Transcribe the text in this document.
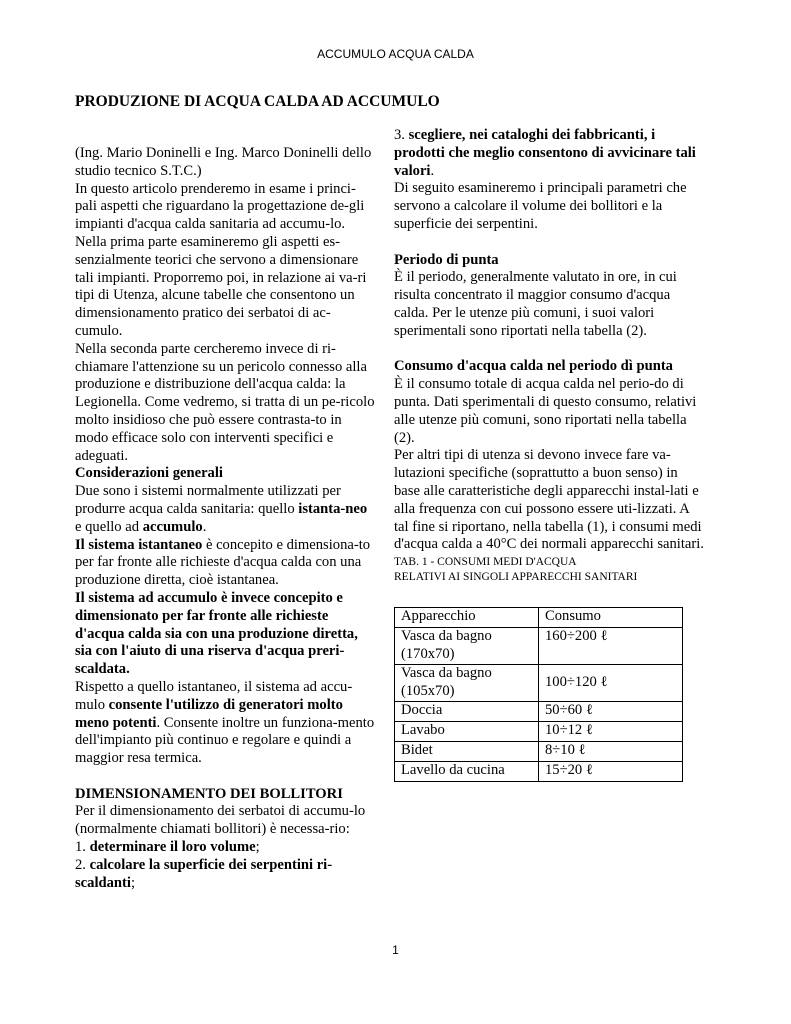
ACCUMULO ACQUA CALDA
PRODUZIONE DI ACQUA CALDA AD ACCUMULO

(Ing. Mario Doninelli e Ing. Marco Doninelli dello studio tecnico S.T.C.)

In questo articolo prenderemo in esame i princi-pali aspetti che riguardano la progettazione de-gli impianti d'acqua calda sanitaria ad accumu-lo.

Nella prima parte esamineremo gli aspetti es-senzialmente teorici che servono a dimensionare tali impianti. Proporremo poi, in relazione ai va-ri tipi di Utenza, alcune tabelle che consentono un dimensionamento pratico dei serbatoi di ac-cumulo.

Nella seconda parte cercheremo invece di ri-chiamare l'attenzione su un pericolo connesso alla produzione e distribuzione dell'acqua calda: la Legionella. Come vedremo, si tratta di un pe-ricolo molto insidioso che può essere contrasta-to in modo efficace solo con interventi specifici e adeguati.

Considerazioni generali

Due sono i sistemi normalmente utilizzati per produrre acqua calda sanitaria: quello istanta-neo e quello ad accumulo.

Il sistema istantaneo è concepito e dimensiona-to per far fronte alle richieste d'acqua calda con una produzione diretta, cioè istantanea.

Il sistema ad accumulo è invece concepito e dimensionato per far fronte alle richieste d'acqua calda sia con una produzione diretta, sia con l'aiuto di una riserva d'acqua preri-scaldata.

Rispetto a quello istantaneo, il sistema ad accu-mulo consente l'utilizzo di generatori molto meno potenti. Consente inoltre un funziona-mento dell'impianto più continuo e regolare e quindi a maggior resa termica.

DIMENSIONAMENTO DEI BOLLITORI

Per il dimensionamento dei serbatoi di accumu-lo (normalmente chiamati bollitori) è necessa-rio:

1. determinare il loro volume;

2. calcolare la superficie dei serpentini ri-scaldanti;

3. scegliere, nei cataloghi dei fabbricanti, i prodotti che meglio consentono di avvicinare tali valori.

Di seguito esamineremo i principali parametri che servono a calcolare il volume dei bollitori e la superficie dei serpentini.

Periodo di punta

È il periodo, generalmente valutato in ore, in cui risulta concentrato il maggior consumo d'acqua calda. Per le utenze più comuni, i suoi valori sperimentali sono riportati nella tabella (2).

Consumo d'acqua calda nel periodo dì punta

È il consumo totale di acqua calda nel perio-do di punta. Dati sperimentali di questo consumo, relativi alle utenze più comuni, sono riportati nella tabella (2).

Per altri tipi di utenza si devono invece fare va-lutazioni specifiche (soprattutto a buon senso) in base alle caratteristiche degli apparecchi instal-lati e alla frequenza con cui possono essere uti-lizzati. A tal fine si riportano, nella tabella (1), i consumi medi d'acqua calda a 40°C dei normali apparecchi sanitari.

TAB. 1 - CONSUMI MEDI D'ACQUA
RELATIVI AI SINGOLI APPARECCHI SANITARI

Apparecchio	Consumo
Vasca da bagno (170x70)	160÷200 ℓ
Vasca da bagno (105x70)	100÷120 ℓ
Doccia	50÷60 ℓ
Lavabo	10÷12 ℓ
Bidet	8÷10 ℓ
Lavello da cucina	15÷20 ℓ
1
